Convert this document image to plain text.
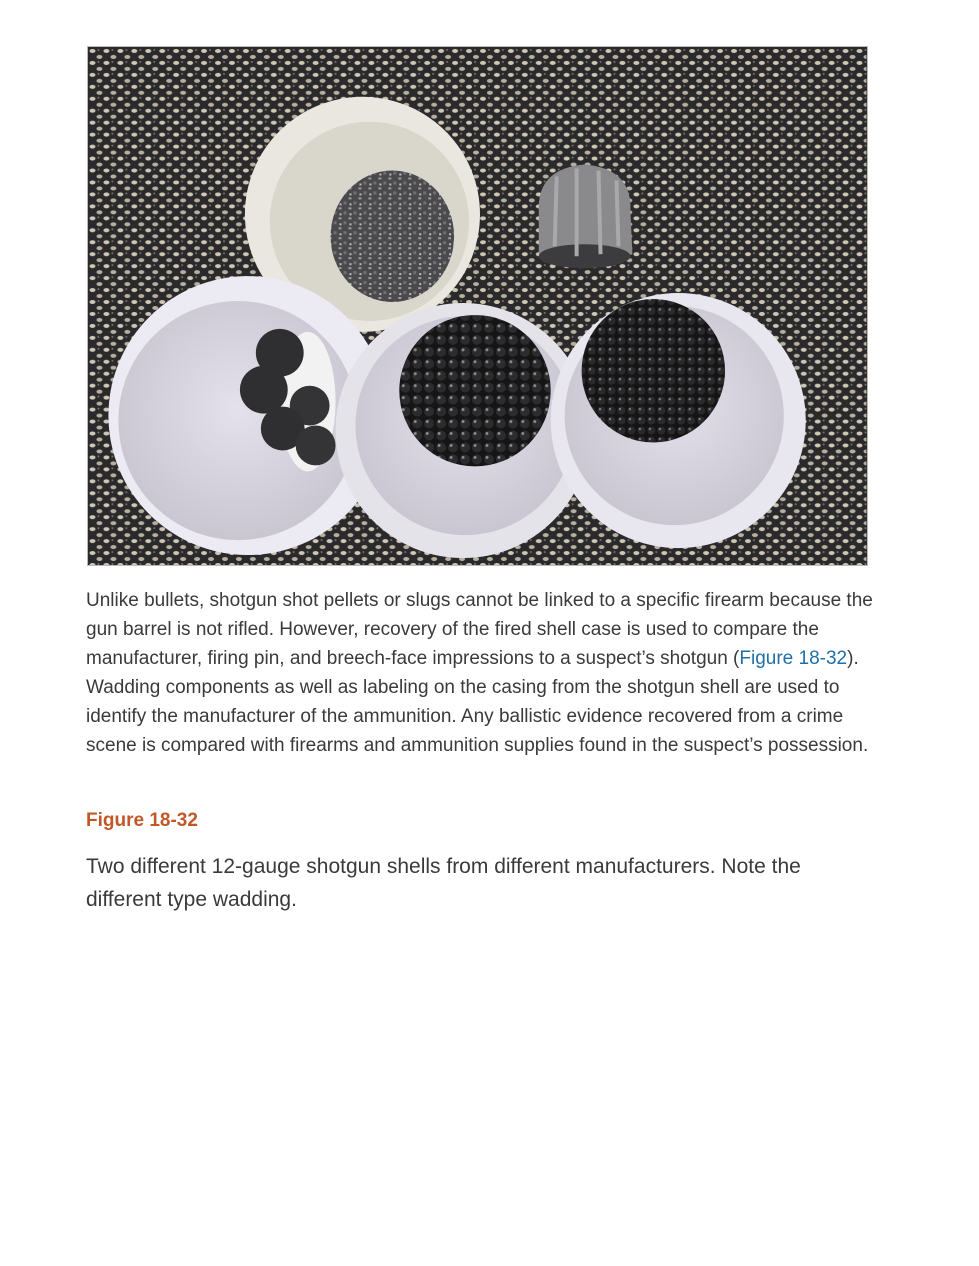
Unlike bullets, shotgun shot pellets or slugs cannot be linked to a specific firearm because the gun barrel is not rifled. However, recovery of the fired shell case is used to compare the manufacturer, firing pin, and breech-face impressions to a suspect’s shotgun (Figure 18-32). Wadding components as well as labeling on the casing from the shotgun shell are used to identify the manufacturer of the ammunition. Any ballistic evidence recovered from a crime scene is compared with firearms and ammunition supplies found in the suspect’s possession.

Figure 18-32

Two different 12-gauge shotgun shells from different manufacturers. Note the different type wadding.
